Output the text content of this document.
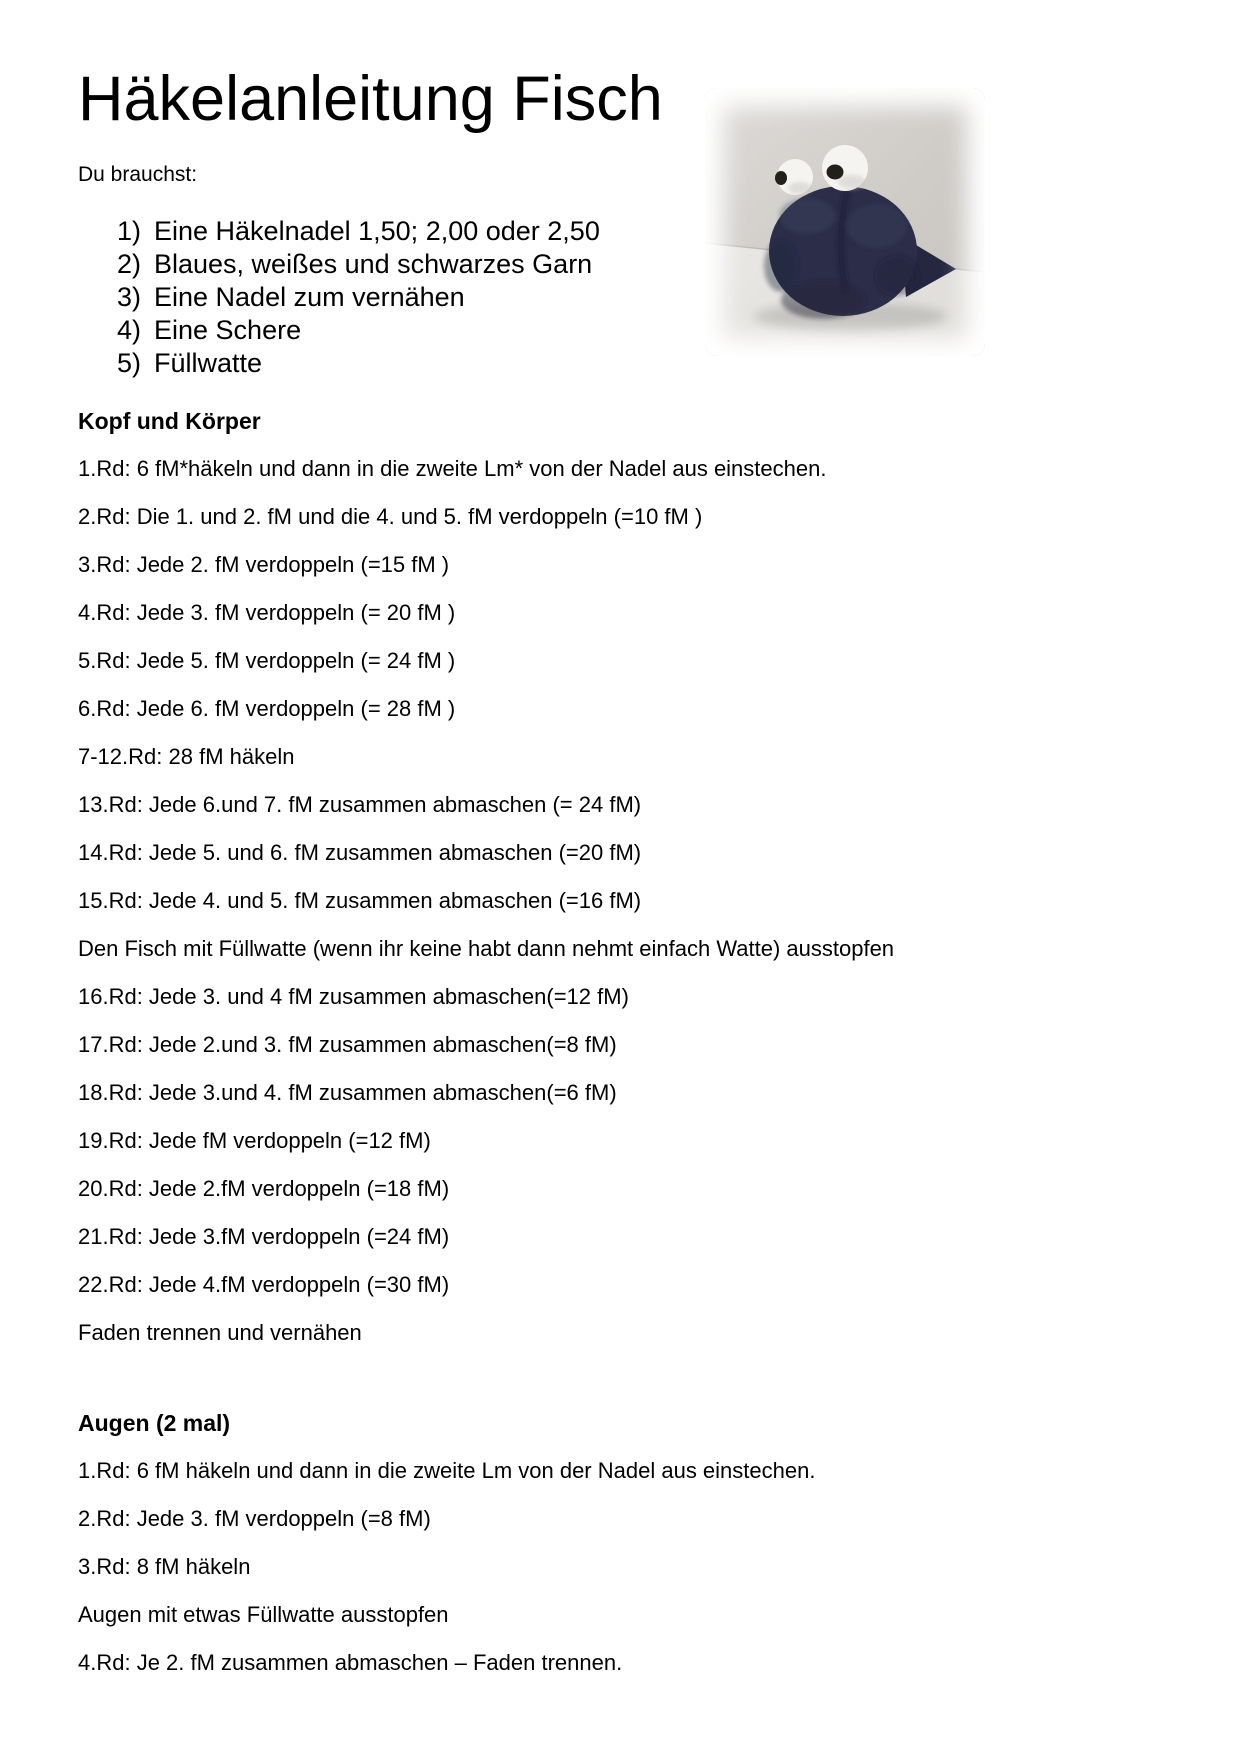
Häkelanleitung Fisch

Du brauchst:

1) Eine Häkelnadel 1,50; 2,00 oder 2,50
2) Blaues, weißes und schwarzes Garn
3) Eine Nadel zum vernähen
4) Eine Schere
5) Füllwatte
Kopf und Körper

1.Rd: 6 fM*häkeln und dann in die zweite Lm* von der Nadel aus einstechen.

2.Rd: Die 1. und 2. fM und die 4. und 5. fM verdoppeln (=10 fM )

3.Rd: Jede 2. fM verdoppeln (=15 fM )

4.Rd: Jede 3. fM verdoppeln (= 20 fM )

5.Rd: Jede 5. fM verdoppeln (= 24 fM )

6.Rd: Jede 6. fM verdoppeln (= 28 fM )

7-12.Rd: 28 fM häkeln

13.Rd: Jede 6.und 7. fM zusammen abmaschen (= 24 fM)

14.Rd: Jede 5. und 6. fM zusammen abmaschen (=20 fM)

15.Rd: Jede 4. und 5. fM zusammen abmaschen (=16 fM)

Den Fisch mit Füllwatte (wenn ihr keine habt dann nehmt einfach Watte) ausstopfen

16.Rd: Jede 3. und 4 fM zusammen abmaschen(=12 fM)

17.Rd: Jede 2.und 3. fM zusammen abmaschen(=8 fM)

18.Rd: Jede 3.und 4. fM zusammen abmaschen(=6 fM)

19.Rd: Jede fM verdoppeln (=12 fM)

20.Rd: Jede 2.fM verdoppeln (=18 fM)

21.Rd: Jede 3.fM verdoppeln (=24 fM)

22.Rd: Jede 4.fM verdoppeln (=30 fM)

Faden trennen und vernähen

Augen (2 mal)

1.Rd: 6 fM häkeln und dann in die zweite Lm von der Nadel aus einstechen.

2.Rd: Jede 3. fM verdoppeln (=8 fM)

3.Rd: 8 fM häkeln

Augen mit etwas Füllwatte ausstopfen

4.Rd: Je 2. fM zusammen abmaschen – Faden trennen.
